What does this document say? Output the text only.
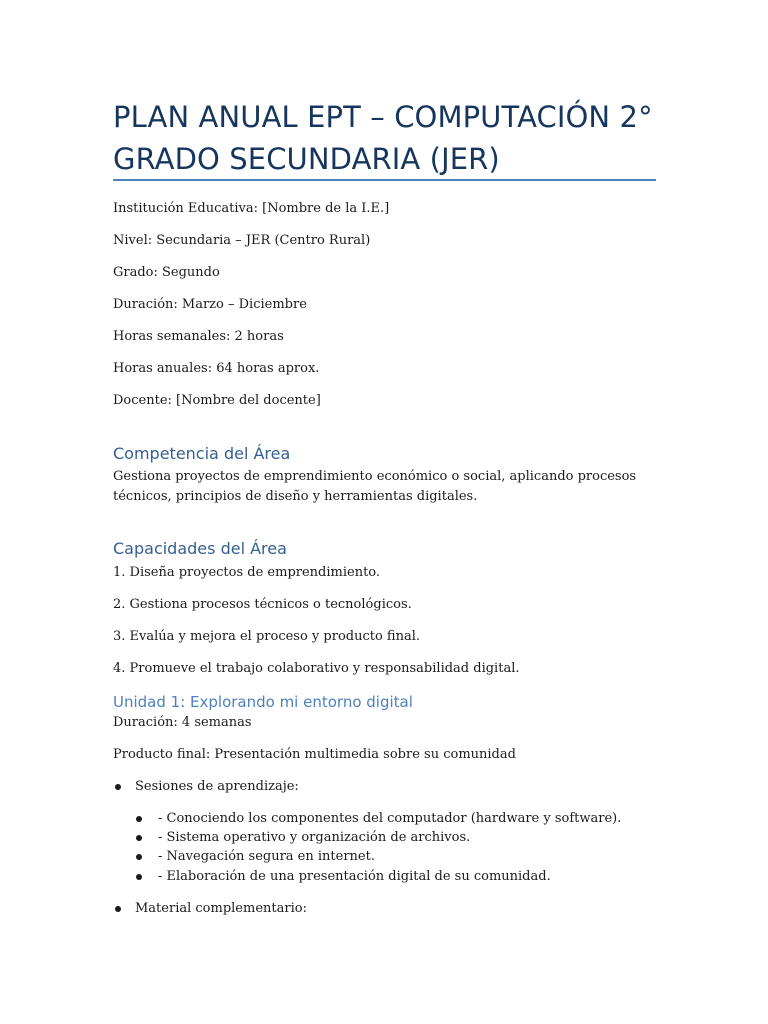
PLAN ANUAL EPT – COMPUTACIÓN 2° GRADO SECUNDARIA (JER)

Institución Educativa: [Nombre de la I.E.]

Nivel: Secundaria – JER (Centro Rural)

Grado: Segundo

Duración: Marzo – Diciembre

Horas semanales: 2 horas

Horas anuales: 64 horas aprox.

Docente: [Nombre del docente]

Competencia del Área

Gestiona proyectos de emprendimiento económico o social, aplicando procesos técnicos, principios de diseño y herramientas digitales.

Capacidades del Área

1. Diseña proyectos de emprendimiento.

2. Gestiona procesos técnicos o tecnológicos.

3. Evalúa y mejora el proceso y producto final.

4. Promueve el trabajo colaborativo y responsabilidad digital.

Unidad 1: Explorando mi entorno digital

Duración: 4 semanas

Producto final: Presentación multimedia sobre su comunidad

Sesiones de aprendizaje:

- Conociendo los componentes del computador (hardware y software).

- Sistema operativo y organización de archivos.

- Navegación segura en internet.

- Elaboración de una presentación digital de su comunidad.

Material complementario:
